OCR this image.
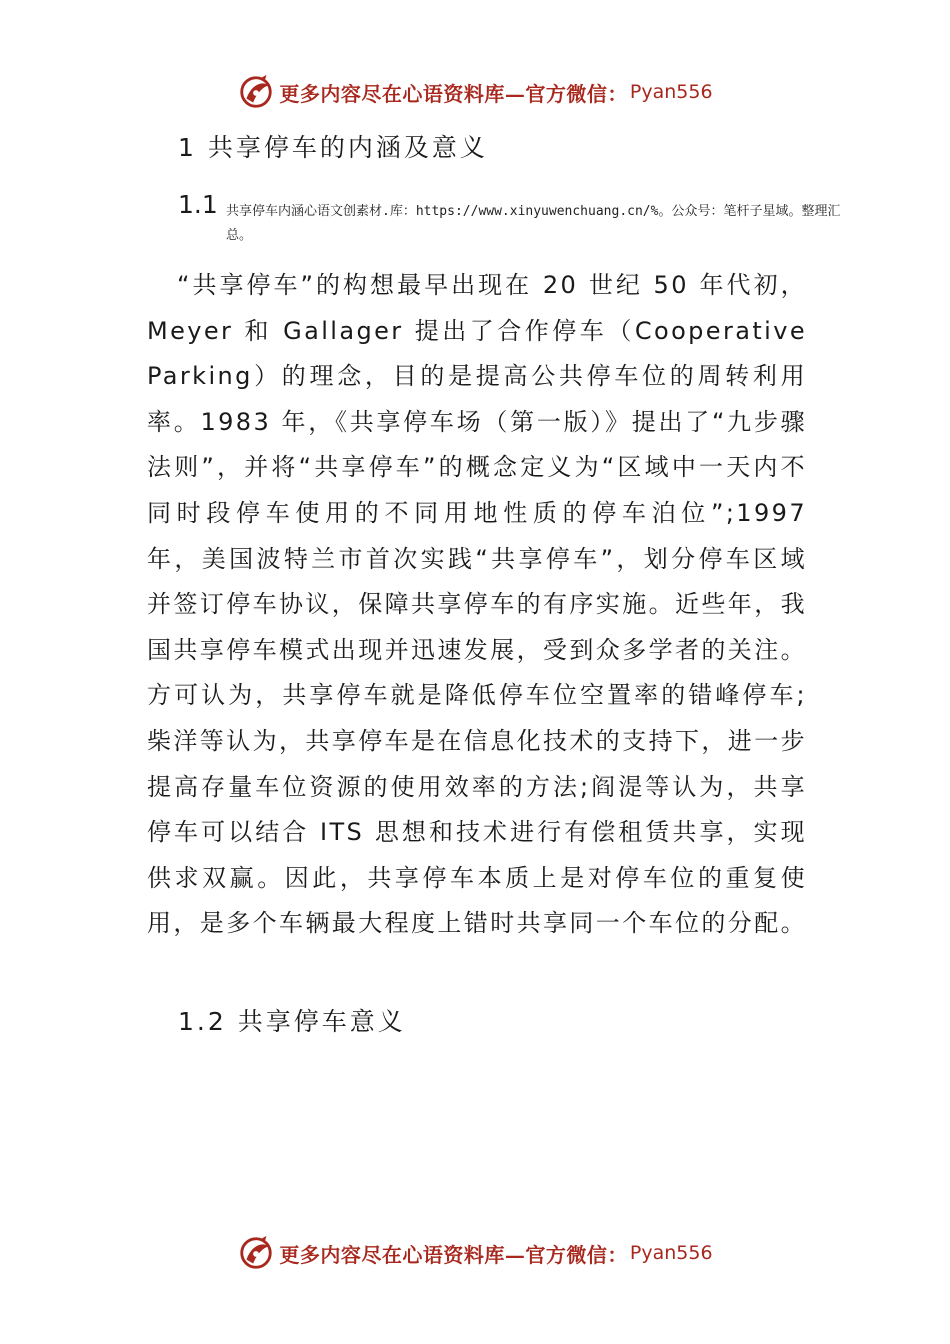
更多内容尽在心语资料库—官方微信： Pyan556
1 共享停车的内涵及意义
1.1 共享停车内涵心语文创素材.库：https://www.xinyuwenchuang.cn/%。公众号：笔杆子星域。整理汇总。
“共享停车”的构想最早出现在 20 世纪 50 年代初，Meyer 和 Gallager 提出了合作停车（Cooperative Parking）的理念，目的是提高公共停车位的周转利用率。1983 年，《共享停车场（第一版）》提出了“九步骤法则”，并将“共享停车”的概念定义为“区域中一天内不同时段停车使用的不同用地性质的停车泊位”;1997 年，美国波特兰市首次实践“共享停车”，划分停车区域并签订停车协议，保障共享停车的有序实施。近些年，我国共享停车模式出现并迅速发展，受到众多学者的关注。方可认为，共享停车就是降低停车位空置率的错峰停车;柴洋等认为，共享停车是在信息化技术的支持下，进一步提高存量车位资源的使用效率的方法;阎湜等认为，共享停车可以结合 ITS 思想和技术进行有偿租赁共享，实现供求双赢。因此，共享停车本质上是对停车位的重复使用，是多个车辆最大程度上错时共享同一个车位的分配。
1.2 共享停车意义
更多内容尽在心语资料库—官方微信： Pyan556
